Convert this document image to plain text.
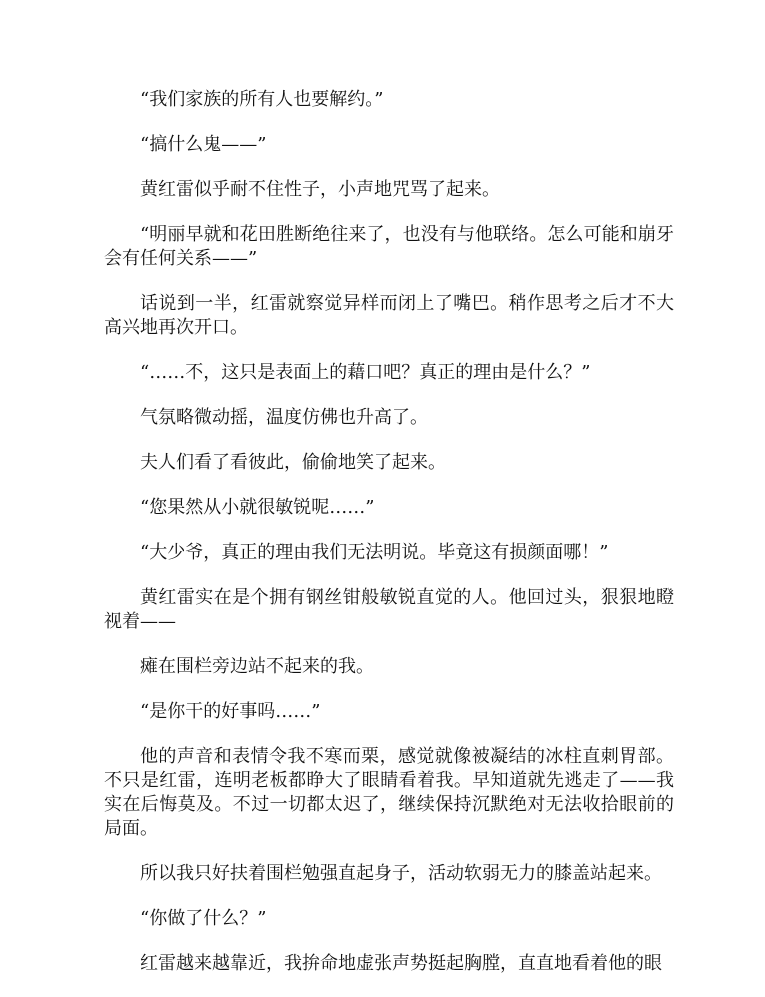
“我们家族的所有人也要解约。”

“搞什么鬼——”

黄红雷似乎耐不住性子，小声地咒骂了起来。

“明丽早就和花田胜断绝往来了，也没有与他联络。怎么可能和崩牙会有任何关系——”

话说到一半，红雷就察觉异样而闭上了嘴巴。稍作思考之后才不大高兴地再次开口。

“……不，这只是表面上的藉口吧？真正的理由是什么？”

气氛略微动摇，温度仿佛也升高了。

夫人们看了看彼此，偷偷地笑了起来。

“您果然从小就很敏锐呢……”

“大少爷，真正的理由我们无法明说。毕竟这有损颜面哪！”

黄红雷实在是个拥有钢丝钳般敏锐直觉的人。他回过头，狠狠地瞪视着——

瘫在围栏旁边站不起来的我。

“是你干的好事吗……”

他的声音和表情令我不寒而栗，感觉就像被凝结的冰柱直刺胃部。不只是红雷，连明老板都睁大了眼睛看着我。早知道就先逃走了——我实在后悔莫及。不过一切都太迟了，继续保持沉默绝对无法收拾眼前的局面。

所以我只好扶着围栏勉强直起身子，活动软弱无力的膝盖站起来。

“你做了什么？”

红雷越来越靠近，我拚命地虚张声势挺起胸膛，直直地看着他的眼
